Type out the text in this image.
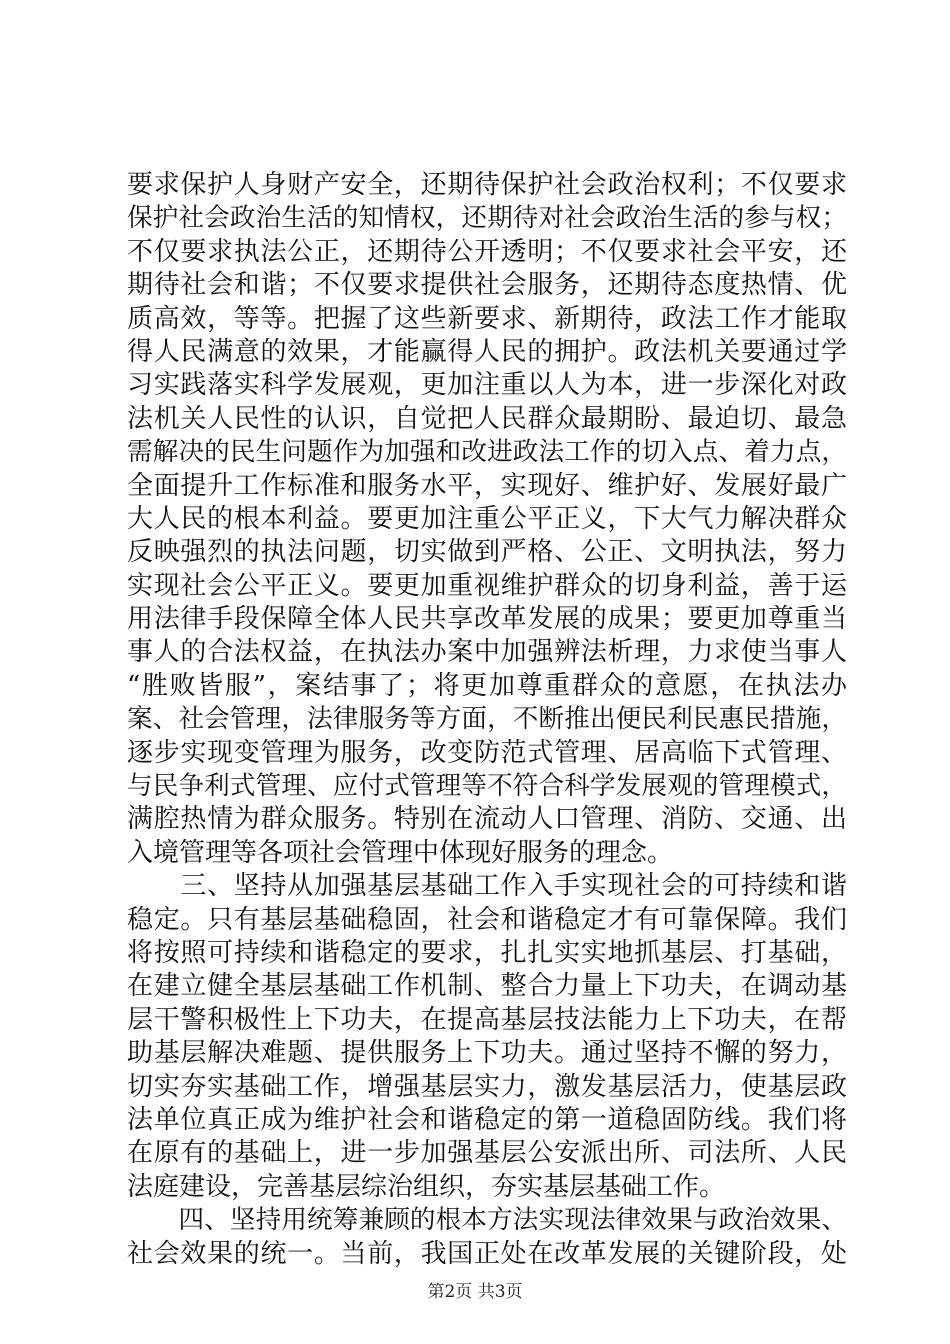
要求保护人身财产安全，还期待保护社会政治权利；不仅要求
保护社会政治生活的知情权，还期待对社会政治生活的参与权；
不仅要求执法公正，还期待公开透明；不仅要求社会平安，还
期待社会和谐；不仅要求提供社会服务，还期待态度热情、优
质高效，等等。把握了这些新要求、新期待，政法工作才能取
得人民满意的效果，才能赢得人民的拥护。政法机关要通过学
习实践落实科学发展观，更加注重以人为本，进一步深化对政
法机关人民性的认识，自觉把人民群众最期盼、最迫切、最急
需解决的民生问题作为加强和改进政法工作的切入点、着力点，
全面提升工作标准和服务水平，实现好、维护好、发展好最广
大人民的根本利益。要更加注重公平正义，下大气力解决群众
反映强烈的执法问题，切实做到严格、公正、文明执法，努力
实现社会公平正义。要更加重视维护群众的切身利益，善于运
用法律手段保障全体人民共享改革发展的成果；要更加尊重当
事人的合法权益，在执法办案中加强辨法析理，力求使当事人
“胜败皆服”，案结事了；将更加尊重群众的意愿，在执法办
案、社会管理，法律服务等方面，不断推出便民利民惠民措施，
逐步实现变管理为服务，改变防范式管理、居高临下式管理、
与民争利式管理、应付式管理等不符合科学发展观的管理模式，
满腔热情为群众服务。特别在流动人口管理、消防、交通、出
入境管理等各项社会管理中体现好服务的理念。
　　三、坚持从加强基层基础工作入手实现社会的可持续和谐
稳定。只有基层基础稳固，社会和谐稳定才有可靠保障。我们
将按照可持续和谐稳定的要求，扎扎实实地抓基层、打基础，
在建立健全基层基础工作机制、整合力量上下功夫，在调动基
层干警积极性上下功夫，在提高基层技法能力上下功夫，在帮
助基层解决难题、提供服务上下功夫。通过坚持不懈的努力，
切实夯实基础工作，增强基层实力，激发基层活力，使基层政
法单位真正成为维护社会和谐稳定的第一道稳固防线。我们将
在原有的基础上，进一步加强基层公安派出所、司法所、人民
法庭建设，完善基层综治组织，夯实基层基础工作。
　　四、坚持用统筹兼顾的根本方法实现法律效果与政治效果、
社会效果的统一。当前，我国正处在改革发展的关键阶段，处
第2页 共3页
